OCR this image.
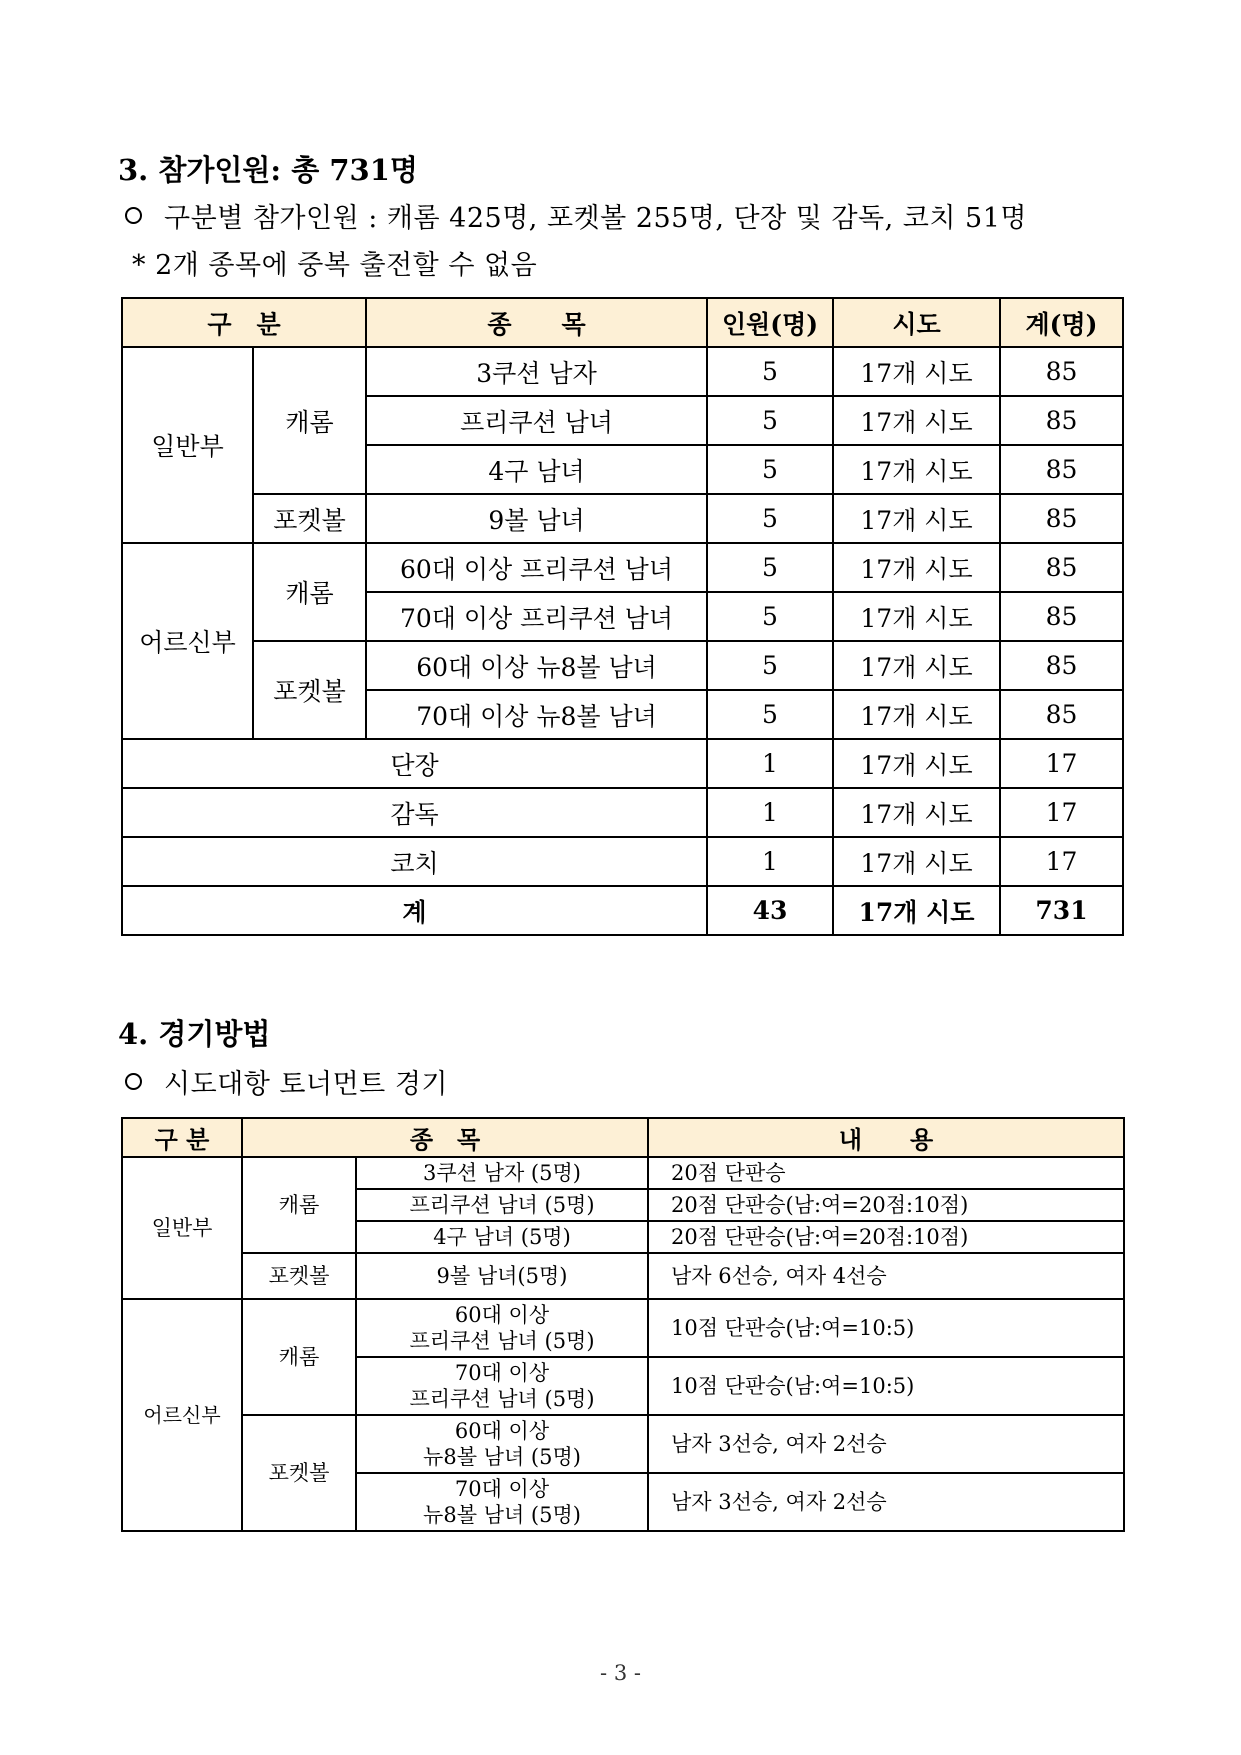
3. 참가인원: 총 731명
구분별 참가인원 : 캐롬 425명, 포켓볼 255명, 단장 및 감독, 코치 51명
* 2개 종목에 중복 출전할 수 없음
구　분		종　　목	인원(명)	시도	계(명)
일반부	캐롬	3쿠션 남자	5	17개 시도	85
		프리쿠션 남녀	5	17개 시도	85
		4구 남녀	5	17개 시도	85
	포켓볼	9볼 남녀	5	17개 시도	85
어르신부	캐롬	60대 이상 프리쿠션 남녀	5	17개 시도	85
		70대 이상 프리쿠션 남녀	5	17개 시도	85
	포켓볼	60대 이상 뉴8볼 남녀	5	17개 시도	85
		70대 이상 뉴8볼 남녀	5	17개 시도	85
단장			1	17개 시도	17
감독			1	17개 시도	17
코치			1	17개 시도	17
계			43	17개 시도	731
4. 경기방법
시도대항 토너먼트 경기
구 분	종　목		내　　용
일반부	캐롬	3쿠션 남자 (5명)	20점 단판승
		프리쿠션 남녀 (5명)	20점 단판승(남:여=20점:10점)
		4구 남녀 (5명)	20점 단판승(남:여=20점:10점)
	포켓볼	9볼 남녀(5명)	남자 6선승, 여자 4선승
어르신부	캐롬	60대 이상
프리쿠션 남녀 (5명)	10점 단판승(남:여=10:5)

		70대 이상
프리쿠션 남녀 (5명)	10점 단판승(남:여=10:5)
	포켓볼	60대 이상
뉴8볼 남녀 (5명)	남자 3선승, 여자 2선승

		70대 이상
뉴8볼 남녀 (5명)	남자 3선승, 여자 2선승
- 3 -
